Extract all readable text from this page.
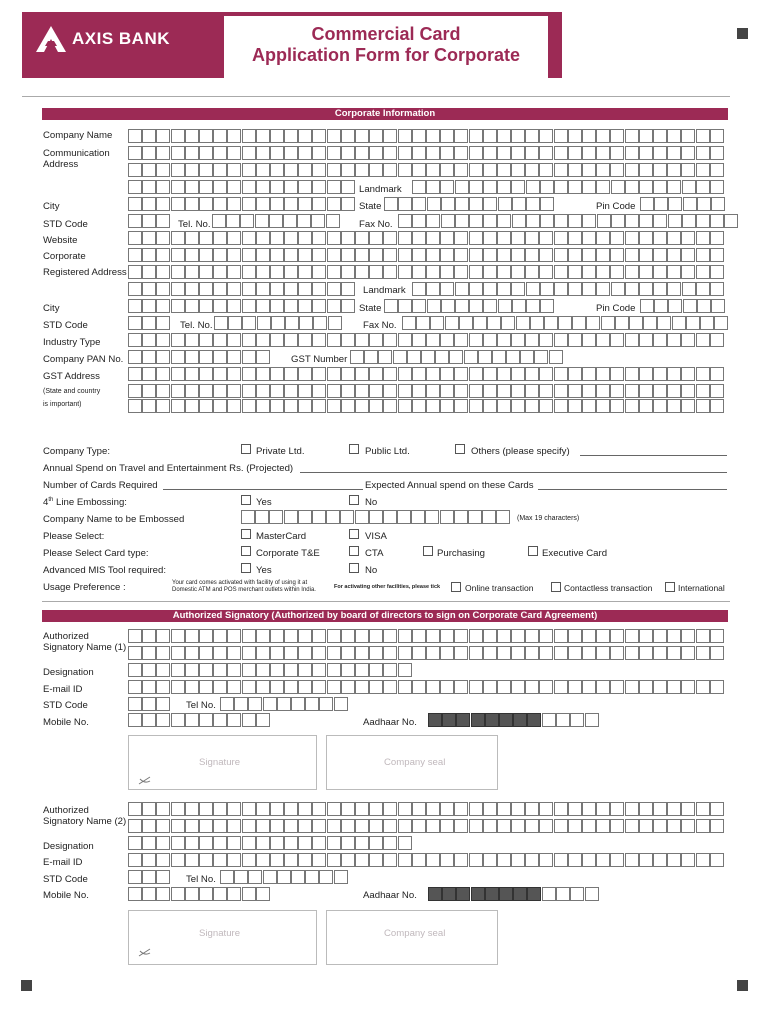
AXIS BANK	Commercial Card
Application Form for Corporate
Corporate Information
Company Name
Communication
Address
Landmark
City	State	Pin Code
STD Code	Tel. No.	Fax No.
Website
Corporate
Registered Address
Landmark
City	State	Pin Code
STD Code	Tel. No.	Fax No.
Industry Type
Company PAN No.	GST Number
GST Address
(State and country
is important)
Company Type:	Private Ltd.	Public Ltd.	Others (please specify)
Annual Spend on Travel and Entertainment Rs. (Projected)
Number of Cards Required	Expected Annual spend on these Cards
4th Line Embossing:	Yes	No
Company Name to be Embossed	(Max 19 characters)
Please Select:	MasterCard	VISA
Please Select Card type:	Corporate T&E	CTA	Purchasing	Executive Card
Advanced MIS Tool required:	Yes	No
Usage Preference :	Your card comes activated with facility of using it at
Domestic ATM and POS merchant outlets within India.	For activating other facilities, please tick	Online transaction	Contactless transaction	International
Authorized Signatory (Authorized by board of directors to sign on Corporate Card Agreement)
Authorized
Signatory Name (1)
Designation
E-mail ID
STD Code	Tel No.
Mobile No.	Aadhaar No.
Signature	Company seal
Authorized
Signatory Name (2)
Designation
E-mail ID
STD Code	Tel No.
Mobile No.	Aadhaar No.
Signature	Company seal
